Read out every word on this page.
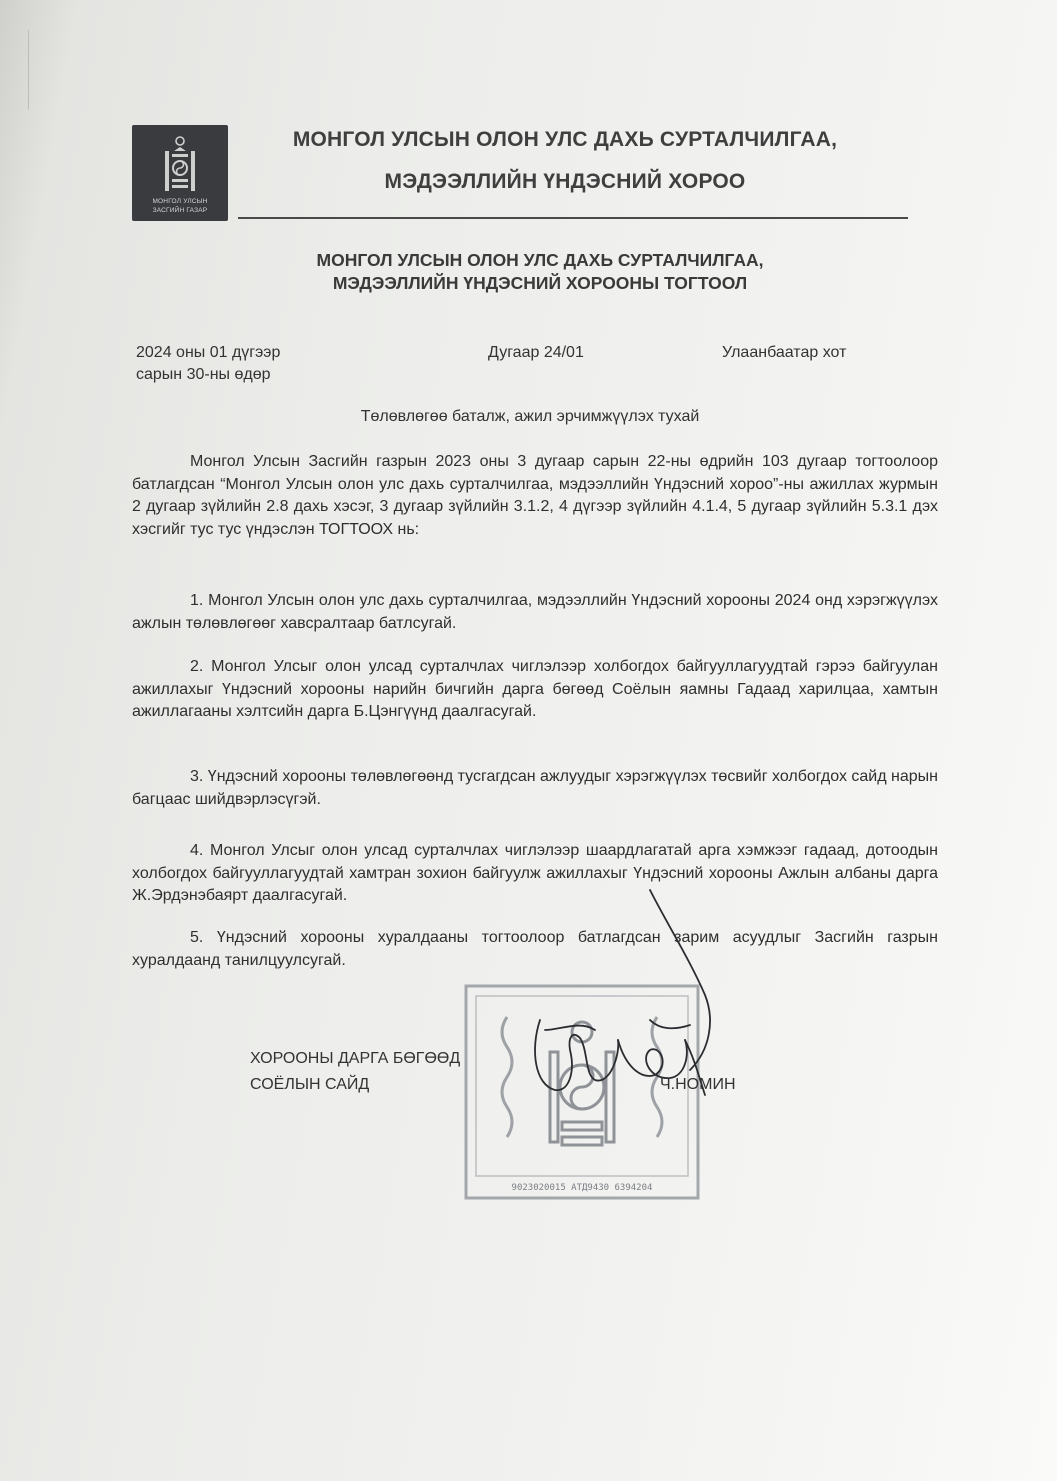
МОНГОЛ УЛСЫН
ЗАСГИЙН ГАЗАР
МОНГОЛ УЛСЫН ОЛОН УЛС ДАХЬ СУРТАЛЧИЛГАА,
МЭДЭЭЛЛИЙН ҮНДЭСНИЙ ХОРОО
МОНГОЛ УЛСЫН ОЛОН УЛС ДАХЬ СУРТАЛЧИЛГАА,
МЭДЭЭЛЛИЙН ҮНДЭСНИЙ ХОРООНЫ ТОГТООЛ
2024 оны 01 дүгээр
сарын 30-ны өдөр
Дугаар 24/01	Улаанбаатар хот
Төлөвлөгөө баталж, ажил эрчимжүүлэх тухай
Монгол Улсын Засгийн газрын 2023 оны 3 дугаар сарын 22-ны өдрийн 103 дугаар тогтоолоор батлагдсан “Монгол Улсын олон улс дахь сурталчилгаа, мэдээллийн Үндэсний хороо”-ны ажиллах журмын 2 дугаар зүйлийн 2.8 дахь хэсэг, 3 дугаар зүйлийн 3.1.2, 4 дүгээр зүйлийн 4.1.4, 5 дугаар зүйлийн 5.3.1 дэх хэсгийг тус тус үндэслэн ТОГТООХ нь:
1. Монгол Улсын олон улс дахь сурталчилгаа, мэдээллийн Үндэсний хорооны 2024 онд хэрэгжүүлэх ажлын төлөвлөгөөг хавсралтаар батлсугай.
2. Монгол Улсыг олон улсад сурталчлах чиглэлээр холбогдох байгууллагуудтай гэрээ байгуулан ажиллахыг Үндэсний хорооны нарийн бичгийн дарга бөгөөд Соёлын яамны Гадаад харилцаа, хамтын ажиллагааны хэлтсийн дарга Б.Цэнгүүнд даалгасугай.
3. Үндэсний хорооны төлөвлөгөөнд тусгагдсан ажлуудыг хэрэгжүүлэх төсвийг холбогдох сайд нарын багцаас шийдвэрлэсүгэй.
4. Монгол Улсыг олон улсад сурталчлах чиглэлээр шаардлагатай арга хэмжээг гадаад, дотоодын холбогдох байгууллагуудтай хамтран зохион байгуулж ажиллахыг Үндэсний хорооны Ажлын албаны дарга Ж.Эрдэнэбаярт даалгасугай.
5. Үндэсний хорооны хуралдааны тогтоолоор батлагдсан зарим асуудлыг Засгийн газрын хуралдаанд танилцуулсугай.
9023020015 АТД9430 6394204
ХОРООНЫ ДАРГА БӨГӨӨД
СОЁЛЫН САЙД	Ч.НОМИН
